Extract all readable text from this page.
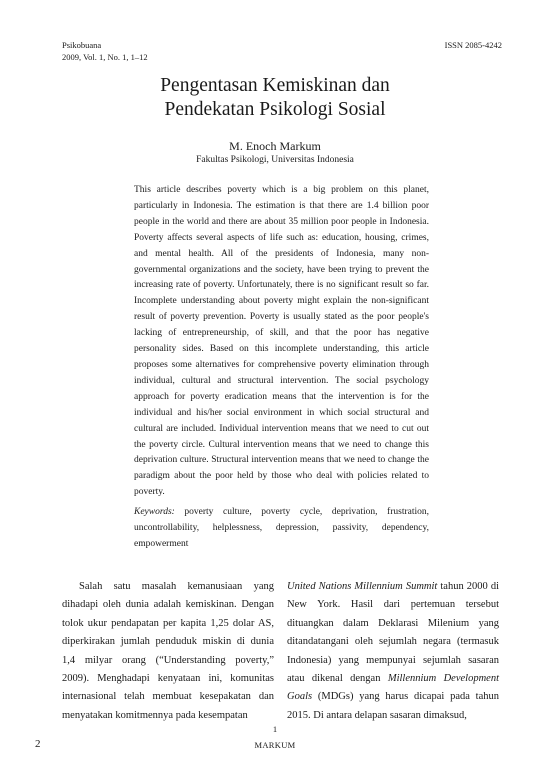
Psikobuana
2009, Vol. 1, No. 1, 1–12
ISSN 2085-4242
Pengentasan Kemiskinan dan
Pendekatan Psikologi Sosial
M. Enoch Markum
Fakultas Psikologi, Universitas Indonesia

This article describes poverty which is a big problem on this planet, particularly in Indonesia. The estimation is that there are 1.4 billion poor people in the world and there are about 35 million poor people in Indonesia. Poverty affects several aspects of life such as: education, housing, crimes, and mental health. All of the presidents of Indonesia, many non-governmental organizations and the society, have been trying to prevent the increasing rate of poverty. Unfortunately, there is no significant result so far. Incomplete understanding about poverty might explain the non-significant result of poverty prevention. Poverty is usually stated as the poor people's lacking of entrepreneurship, of skill, and that the poor has negative personality sides. Based on this incomplete understanding, this article proposes some alternatives for comprehensive poverty elimination through individual, cultural and structural intervention. The social psychology approach for poverty eradication means that the intervention is for the individual and his/her social environment in which social structural and cultural are included. Individual intervention means that we need to cut out the poverty circle. Cultural intervention means that we need to change this deprivation culture. Structural intervention means that we need to change the paradigm about the poor held by those who deal with policies related to poverty.

Keywords: poverty culture, poverty cycle, deprivation, frustration, uncontrollability, helplessness, depression, passivity, dependency, empowerment

Salah satu masalah kemanusiaan yang dihadapi oleh dunia adalah kemiskinan. Dengan tolok ukur pendapatan per kapita 1,25 dolar AS, diperkirakan jumlah penduduk miskin di dunia 1,4 milyar orang (“Understanding poverty,” 2009). Menghadapi kenyataan ini, komunitas internasional telah membuat kesepakatan dan menyatakan komitmennya pada kesempatan

United Nations Millennium Summit tahun 2000 di New York. Hasil dari pertemuan tersebut dituangkan dalam Deklarasi Milenium yang ditandatangani oleh sejumlah negara (termasuk Indonesia) yang mempunyai sejumlah sasaran atau dikenal dengan Millennium Development Goals (MDGs) yang harus dicapai pada tahun 2015. Di antara delapan sasaran dimaksud,

1
2	MARKUM
